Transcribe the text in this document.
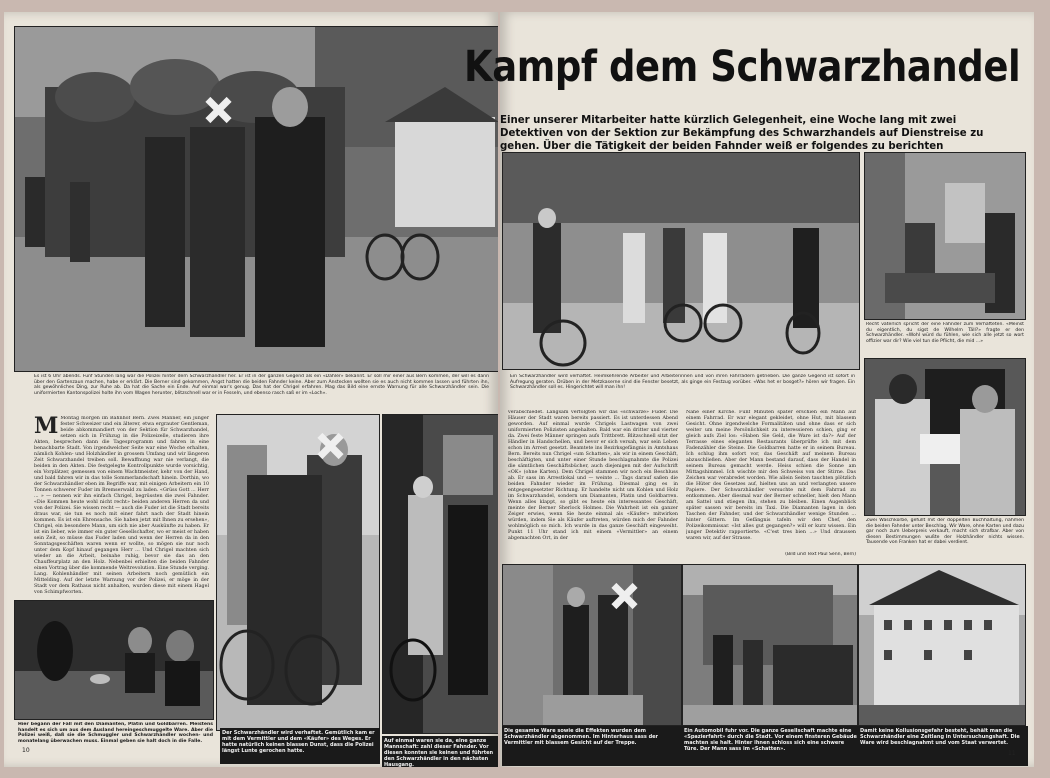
Es ist 6 Uhr abends. Fünf Stunden lang war die Polizei hinter dem Schwarzhändler her. Er ist in der ganzen Gegend als ein «Dahler» bekannt. Er soll mir einer aus Bern kommen, der will es dann über den Gartenzaun machen, habe er erklärt. Die Berner sind gekommen, Angst hatten die beiden Fahnder keine. Aber zum Anstecken wollten sie es auch nicht kommen lassen und führten ihn, als gewöhnliches Ding, zur Ruhe ab. Da hat die Sache ein Ende. Auf einmal war's genug. Das hat der Chrigel erfahren. Mag das Bild eine ernste Warnung für alle Schwarzhändler sein. Die uniformierten Kantonspolizei holte ihn vom Wagen herunter, blitzschnell war er in Fesseln, und ebenso rasch saß er im «Loch».
M Montag morgen im Bahnhof Bern. Zwei Männer, ein junger fester Schweizer und ein älterer, etwa ergrauter Gentleman, beide abkommandiert von der Sektion für Schwarzhandel, setzen sich in Frühzug in die Polizeizelle, studieren ihre Akten, besprechen dann die Tagesprogramm und fahren in eine benachbarte Stadt. Von irgendwelcher Seite war eine Woche erhalten, nämlich Kohlen- und Holzhändler in grossem Umfang und wir längeren Zeit Schwarzhandel treiben soll. Bewaffnung war nie verlangt, die beiden in den Akten. Die festgelegte Kontrollpunkte wurde vorsichtig, ein Vorplätzer, gemessen von einem Wachtmeister, kehr von der Hand, und bald fahren wir in das tolle Sommerlandschaft hinein. Dorthin, wo der Schwarzhändler eben im Begriffe war, mit einigen Arbeitern ein 10 Tonnen schwerer Fuder im Bremserwald zu laden. «Grüss Gott ... Herr ... » — nennen wir ihn einfach Chrigel, begrüssten die zwei Fahnder. «Die Kommen heute wohl nicht recht» beiden anderen Herren da und von der Polizei. Sie wissen recht — auch die Fuder ist die Stadt bereits draus war, sie tun es noch mit einer fahrt nach der Stadt hinein kommen. Es ist ein Ehrensache. Sie haben jetzt mit Ihnen zu ersehen», Chrigel, ein besondere Mann, um sich nie aber Auskünfte zu haben. Er ist ein lieber, wie immer ein guter Gesellschafter, wo er meist er haben sein Zeit, so müsse das Fuder laden und wenn der Herren da in den Sonntagsgeschäften waren wenn er wollte, so mögen sie nur noch unter dem Kopf hinauf gegangen Herr ... Und Chrigel machten sich wieder an die Arbeit, beinahe ruhig, bevor sie das an den Chauffeurplatz an den Holz. Nebenbei erhielten die beiden Fahnder einen Vortrag über die kommende Weltrevolution. Eine Stunde verging. Lang. Kohlenhändler mit seinen Arbeitern noch gemütlich ein Mittelding. Auf der letzte Warnung vor der Polizei, er möge in der Stadt vor dem Rathaus nicht anhalten, wurden diese mit einem Hagel von Schimpfworten.
Hier begann der Fall mit den Diamanten, Platin und Goldbarren. Meistens handelt es sich um aus dem Ausland hereingeschmuggelte Ware. Aber die Polizei weiß, daß sie die Schmuggler und Schwarzhändler wochen- und monatelang überwachen muss. Einmal geben sie halt doch in die Falle.
Der Schwarzhändler wird verhaftet. Gemütlich kam er mit dem Vermittler und dem «Käufer» des Weges. Er hatte natürlich keinen blassen Dunst, dass die Polizei längst Lunte gerochen hatte.
Auf einmal waren sie da, eine ganze Mannschaft: zahl dieser Fahnder. Vor diesen konnten sie keinen und führten den Schwarzhändler in den nächsten Hausgang.
10
Ein Schwarzhändler wird verhaftet. Heimkehrende Arbeiter und Arbeiterinnen und von ihren Fahrrädern getrieben. Die ganze Gegend ist sofort in Aufregung geraten. Drüben in der Metzkaserne sind die Fenster besetzt, als ginge ein Festzug vorüber. «Was het er bosget?» hören wir fragen. Ein Schwarzhändler soll es. Hingerichtet will man ihn!
Recht väterlich spricht der eine Fahnder zum Verhafteten. «Meinst du eigentlich, du sigst de Wilhelm Täll?» fragte er den Schwarzhändler. «Wohl würd du fühlen, wie sich alle jetzt so wort offizier war dir? Wie viel tun die Pflicht, die mid ...»
Zwei Waschkörbe, gefüllt mit der doppelten Buchhaltung, nahmen die beiden Fahnder unter Beschlag. Wir Ware, ohne Karten und dazu gar noch zum Ueberpreis verkauft, macht sich strafbar. Aber von diesen Bestimmungen wußte der Holzhändler nichts wissen. Tausende von Franken hat er dabei verdient.
verabschiedet. Langsam verfolgten wir das «schwarze» Fuder. Die Häuser der Stadt waren bereits passiert. Es ist unterdessen Abend geworden. Auf einmal wurde Chrigels Lastwagen von zwei uniformierten Polizisten angehalten. Bald war ein dritter und vierter da. Zwei feste Männer springen aufs Trittbrett. Blitzschnell sitzt der Händler in Handschellen, und bevor er sich versah, war sein Leben schon im Arrest gesetzt. Beamtete ins Bezirksgefängnis in Amtshaus Bern. Bereits nun Chrigel «um Schatten», als wir in einem Geschäft, beschäftigten, und unter einer Stunde beschlagnahmte die Polizei die sämtlichen Geschäftsbücher, auch diejenigen mit der Aufschrift «OK» (ohne Karten). Dem Chrigel stammen wir noch ein Beschluss ab. Er sass im Arrestlokal und — weinte ... Tags darauf saßen die beiden Fahnder wieder im Frühzug. Diesmal ging es in entgegengesetzter Richtung. Er handelte nicht um Kohlen und Holz im Schwarzhandel, sondern um Diamanten, Platin und Goldbarren. Wenn alles klappt, so gibt es heute ein interessantes Geschäft, meinte der Berner Sherlock Holmes. Die Wahrheit ist ein ganzer Zeiger erwies, wenn Sie heute einmal als «Käufer» mitwirken würden, indem Sie als Käufer auftreten, würden mich der Fahnder wohlmöglich so mich. Ich wurde in das ganze Geschäft eingeweiht. Punkt 11 Uhr stand ich mit einem «Vermittler» an einem abgemachten Ort, in der
Nähe einer Kirche. Fünf Minuten später erschien ein Mann auf einem Fahrrad. Er war elegant gekleidet, ohne Hut, mit blassem Gesicht. Ohne irgendwelche Formalitäten und ohne dass er sich weiter um meine Persönlichkeit zu interessieren schien, ging er gleich aufs Ziel los: «Haben Sie Geld, die Ware ist da?» Auf der Terrasse eines eleganten Restaurants überprüfte ich mit dem Fadenzähler die Steine. Die Goldbarren hatte er in seinem Bureau. Ich schlug ihm sofort vor, das Geschäft auf meinem Bureau abzuschließen. Aber der Mann bestand darauf, dass der Handel in seinem Bureau gemacht werde. Heiss schien die Sonne am Mittagshimmel. Ich wischte mir den Schweiss von der Stirne. Das Zeichen war verabredet worden. Wie allein Seiten tauchten plötzlich die Hüter des Gesetzes auf, hielten uns an und verlangten unsere Papiere. Der Schwarzhändler versuchte mit dem Fahrrad zu entkommen. Aber diesmal war der Berner schneller, hielt den Mann am Sattel und stiegen ihn, stehen zu bleiben. Einen Augenblick später sassen wir bereits im Taxi. Die Diamanten lagen in den Taschen der Fahnder, und der Schwarzhändler wenige Stunden ... hinter Gittern. Im Gefängnis tafeln wir den Chef, den Polizeikommissar. «Ist alles gut gegangen?» will er kurz wissen. Ein junger Detektiv rapportierte. «C'est tres bien ...» Und draussen waren wir, auf der Strasse.
(Bild und Text Paul Senn, Bern)
Die gesamte Ware sowie die Effekten wurden dem Schwarzhändler abgenommen. Im Hinterhaus sass der Vermittler mit blassem Gesicht auf der Treppe.
Ein Automobil fuhr vor. Die ganze Gesellschaft machte eine «Spazierfahrt» durch die Stadt. Vor einem finsteren Gebäude machten sie halt. Hinter ihnen schloss sich eine schwere Türe. Der Mann sass im «Schatten».
Damit keine Kollusionsgefahr besteht, behält man die Schwarzhändler eine Zeitlang in Untersuchungshaft. Die Ware wird beschlagnahmt und vom Staat verwertet.
11
Kampf dem Schwarzhandel
Einer unserer Mitarbeiter hatte kürzlich Gelegenheit, eine Woche lang mit zwei Detektiven von der Sektion zur Bekämpfung des Schwarzhandels auf Dienstreise zu gehen. Über die Tätigkeit der beiden Fahnder weiß er folgendes zu berichten
